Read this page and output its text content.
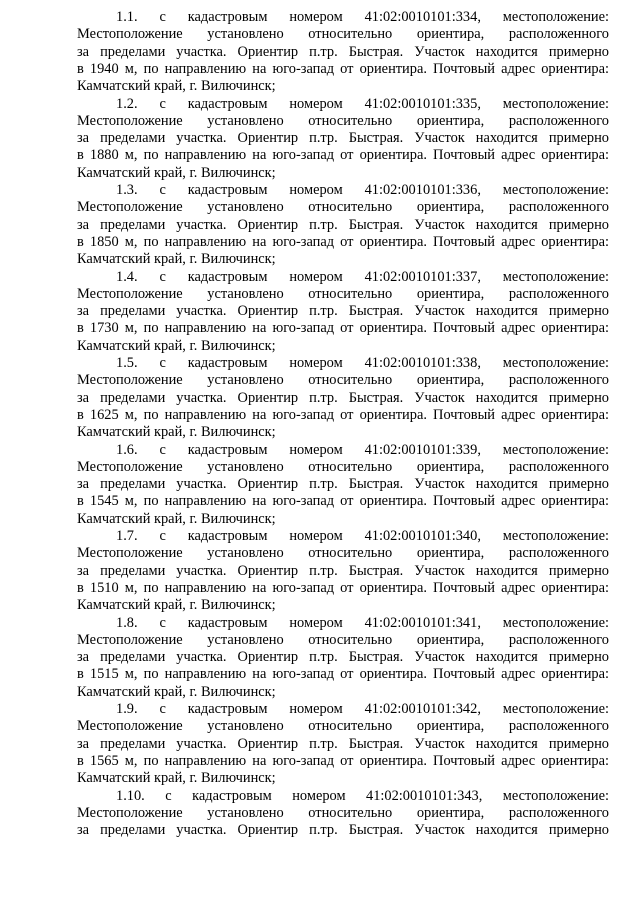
1.1. с кадастровым номером 41:02:0010101:334, местоположение:
Местоположение установлено относительно ориентира, расположенного
за пределами участка. Ориентир п.тр. Быстрая. Участок находится примерно
в 1940 м, по направлению на юго-запад от ориентира. Почтовый адрес ориентира:
Камчатский край, г. Вилючинск;
1.2. с кадастровым номером 41:02:0010101:335, местоположение:
Местоположение установлено относительно ориентира, расположенного
за пределами участка. Ориентир п.тр. Быстрая. Участок находится примерно
в 1880 м, по направлению на юго-запад от ориентира. Почтовый адрес ориентира:
Камчатский край, г. Вилючинск;
1.3. с кадастровым номером 41:02:0010101:336, местоположение:
Местоположение установлено относительно ориентира, расположенного
за пределами участка. Ориентир п.тр. Быстрая. Участок находится примерно
в 1850 м, по направлению на юго-запад от ориентира. Почтовый адрес ориентира:
Камчатский край, г. Вилючинск;
1.4. с кадастровым номером 41:02:0010101:337, местоположение:
Местоположение установлено относительно ориентира, расположенного
за пределами участка. Ориентир п.тр. Быстрая. Участок находится примерно
в 1730 м, по направлению на юго-запад от ориентира. Почтовый адрес ориентира:
Камчатский край, г. Вилючинск;
1.5. с кадастровым номером 41:02:0010101:338, местоположение:
Местоположение установлено относительно ориентира, расположенного
за пределами участка. Ориентир п.тр. Быстрая. Участок находится примерно
в 1625 м, по направлению на юго-запад от ориентира. Почтовый адрес ориентира:
Камчатский край, г. Вилючинск;
1.6. с кадастровым номером 41:02:0010101:339, местоположение:
Местоположение установлено относительно ориентира, расположенного
за пределами участка. Ориентир п.тр. Быстрая. Участок находится примерно
в 1545 м, по направлению на юго-запад от ориентира. Почтовый адрес ориентира:
Камчатский край, г. Вилючинск;
1.7. с кадастровым номером 41:02:0010101:340, местоположение:
Местоположение установлено относительно ориентира, расположенного
за пределами участка. Ориентир п.тр. Быстрая. Участок находится примерно
в 1510 м, по направлению на юго-запад от ориентира. Почтовый адрес ориентира:
Камчатский край, г. Вилючинск;
1.8. с кадастровым номером 41:02:0010101:341, местоположение:
Местоположение установлено относительно ориентира, расположенного
за пределами участка. Ориентир п.тр. Быстрая. Участок находится примерно
в 1515 м, по направлению на юго-запад от ориентира. Почтовый адрес ориентира:
Камчатский край, г. Вилючинск;
1.9. с кадастровым номером 41:02:0010101:342, местоположение:
Местоположение установлено относительно ориентира, расположенного
за пределами участка. Ориентир п.тр. Быстрая. Участок находится примерно
в 1565 м, по направлению на юго-запад от ориентира. Почтовый адрес ориентира:
Камчатский край, г. Вилючинск;
1.10. с кадастровым номером 41:02:0010101:343, местоположение:
Местоположение установлено относительно ориентира, расположенного
за пределами участка. Ориентир п.тр. Быстрая. Участок находится примерно
